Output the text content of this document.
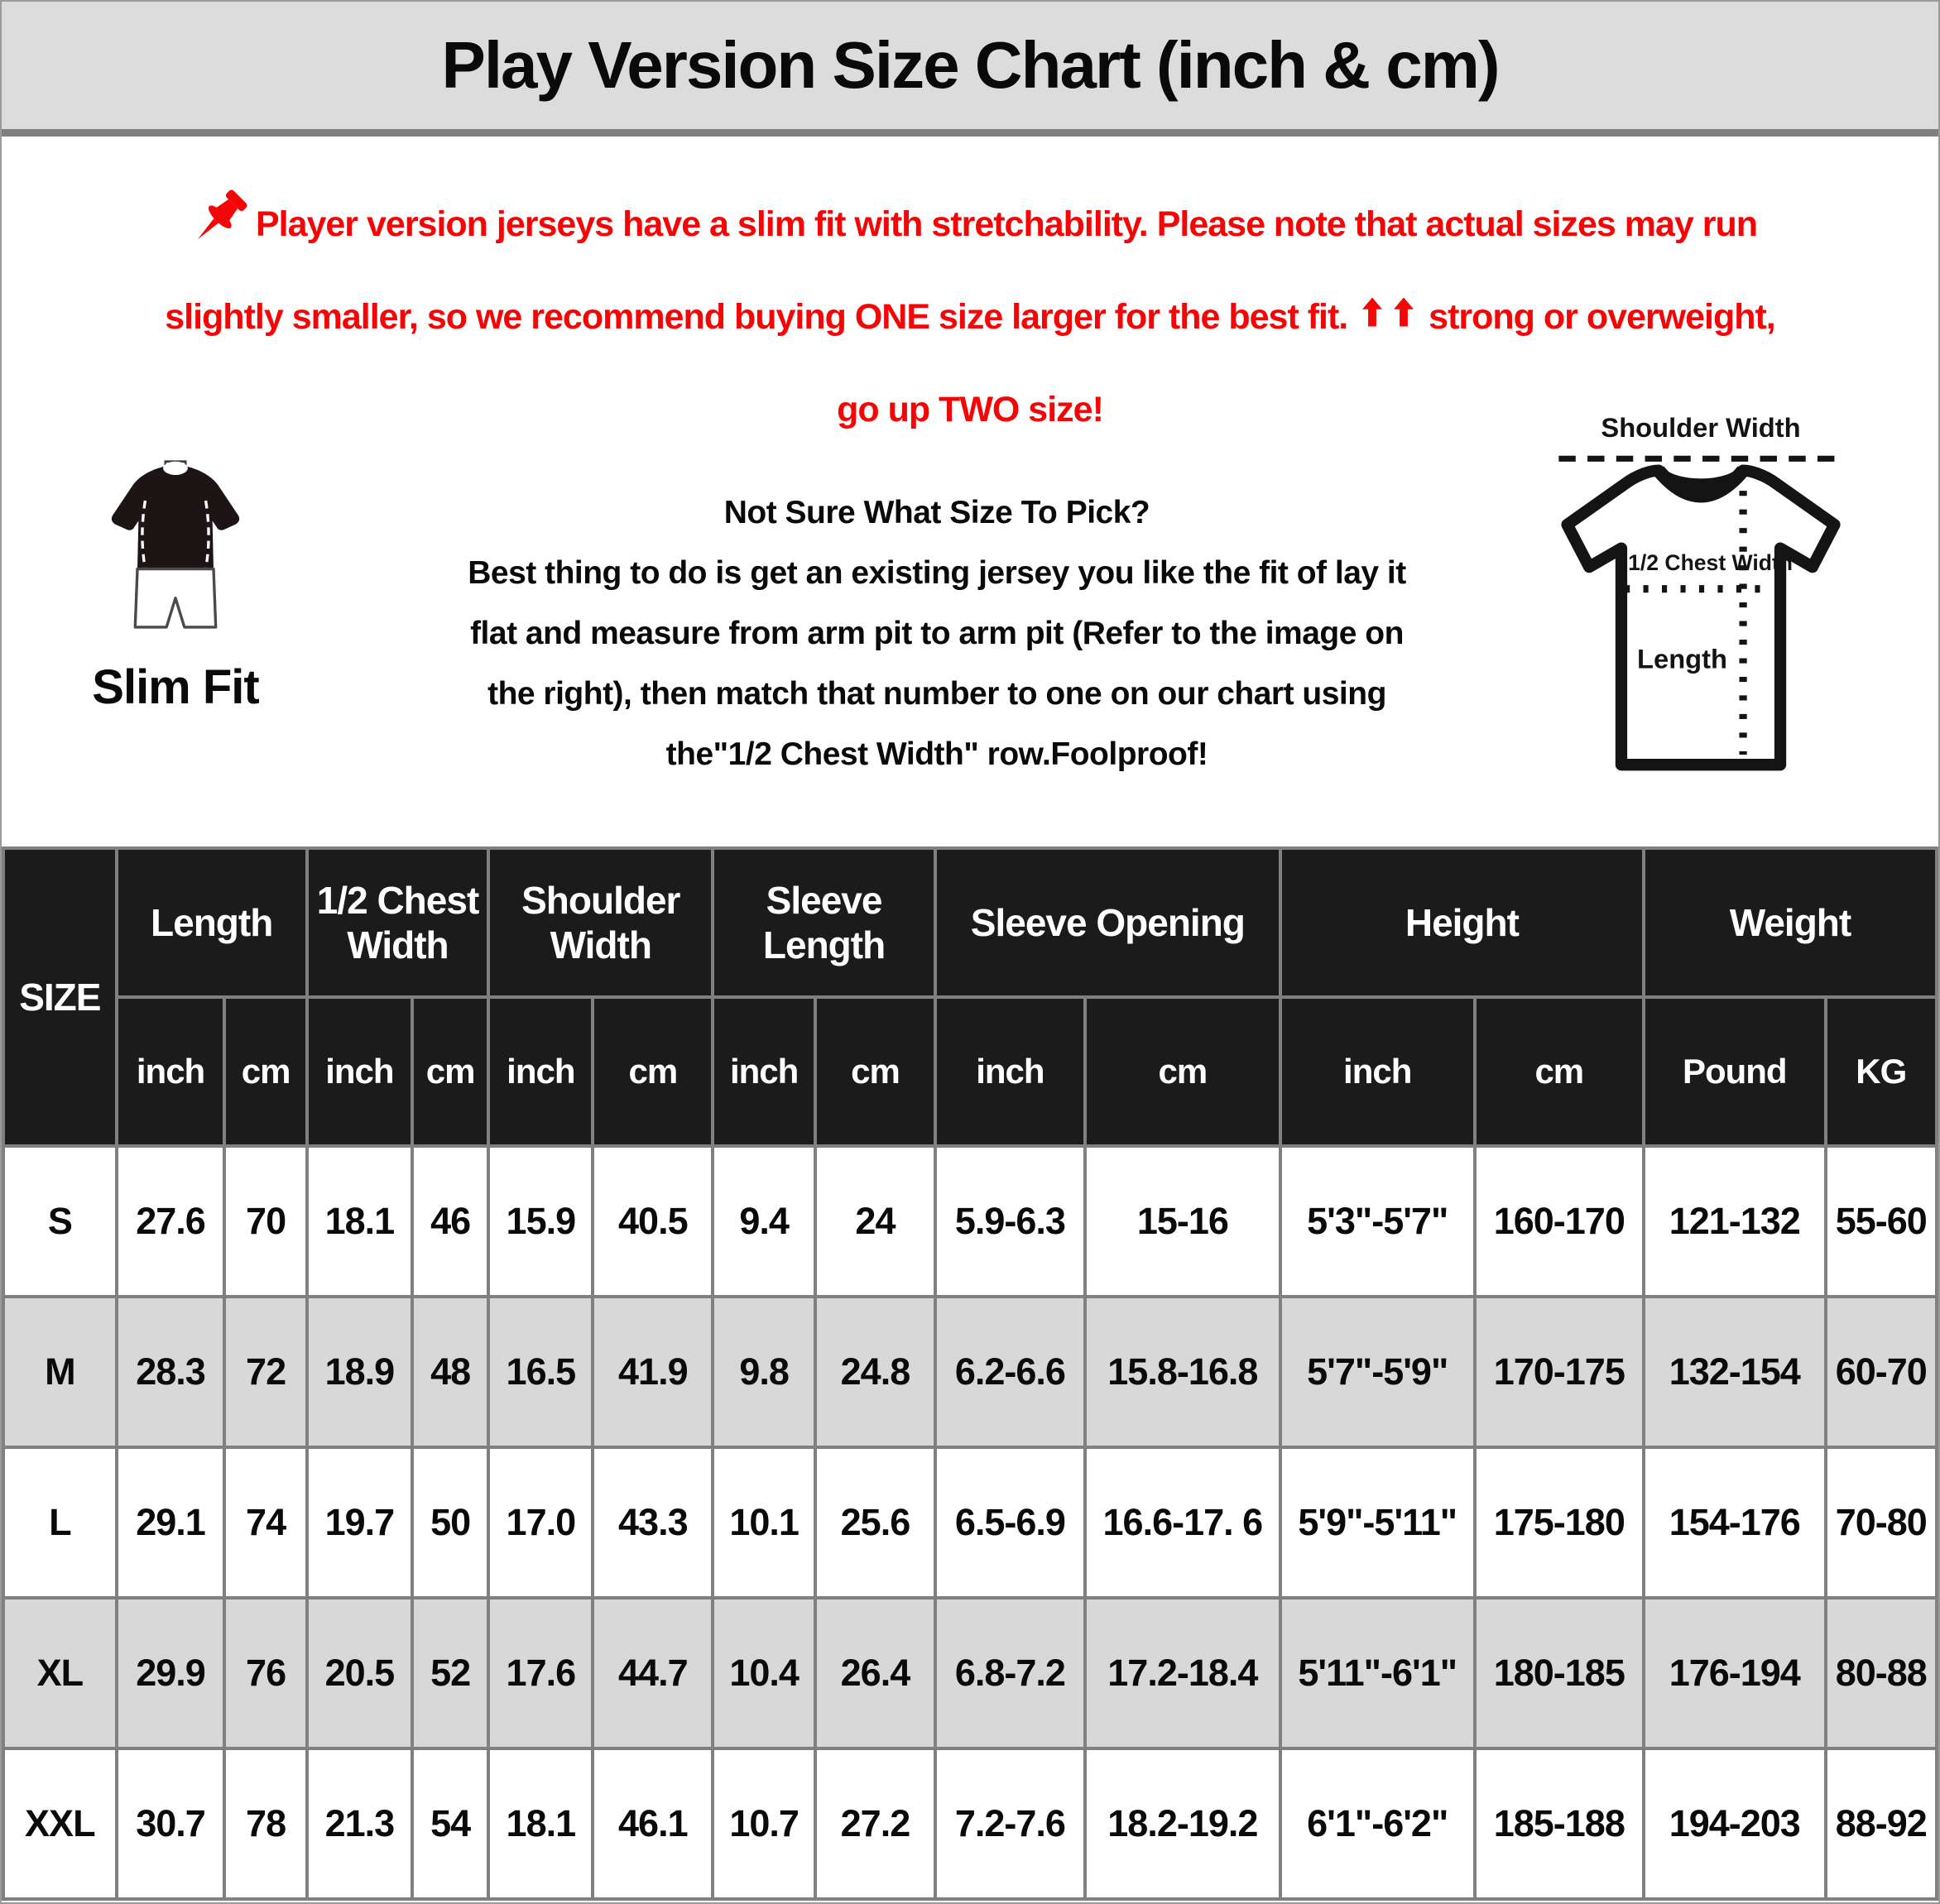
Play Version Size Chart (inch & cm)
Player version jerseys have a slim fit with stretchability. Please note that actual sizes may run
slightly smaller, so we recommend buying ONE size larger for the best fit. strong or overweight,
go up TWO size!
Slim Fit
Not Sure What Size To Pick?
Best thing to do is get an existing jersey you like the fit of lay it
flat and measure from arm pit to arm pit (Refer to the image on
the right), then match that number to one on our chart using
the"1/2 Chest Width" row.Foolproof!
Shoulder Width
1/2 Chest Width
Length
SIZE	Length		1/2 Chest Width		Shoulder Width		Sleeve Length		Sleeve Opening		Height		Weight	
	inch	cm	inch	cm	inch	cm	inch	cm	inch	cm	inch	cm	Pound	KG
S	27.6	70	18.1	46	15.9	40.5	9.4	24	5.9-6.3	15-16	5'3"-5'7"	160-170	121-132	55-60
M	28.3	72	18.9	48	16.5	41.9	9.8	24.8	6.2-6.6	15.8-16.8	5'7"-5'9"	170-175	132-154	60-70
L	29.1	74	19.7	50	17.0	43.3	10.1	25.6	6.5-6.9	16.6-17. 6	5'9"-5'11"	175-180	154-176	70-80
XL	29.9	76	20.5	52	17.6	44.7	10.4	26.4	6.8-7.2	17.2-18.4	5'11"-6'1"	180-185	176-194	80-88
XXL	30.7	78	21.3	54	18.1	46.1	10.7	27.2	7.2-7.6	18.2-19.2	6'1"-6'2"	185-188	194-203	88-92
